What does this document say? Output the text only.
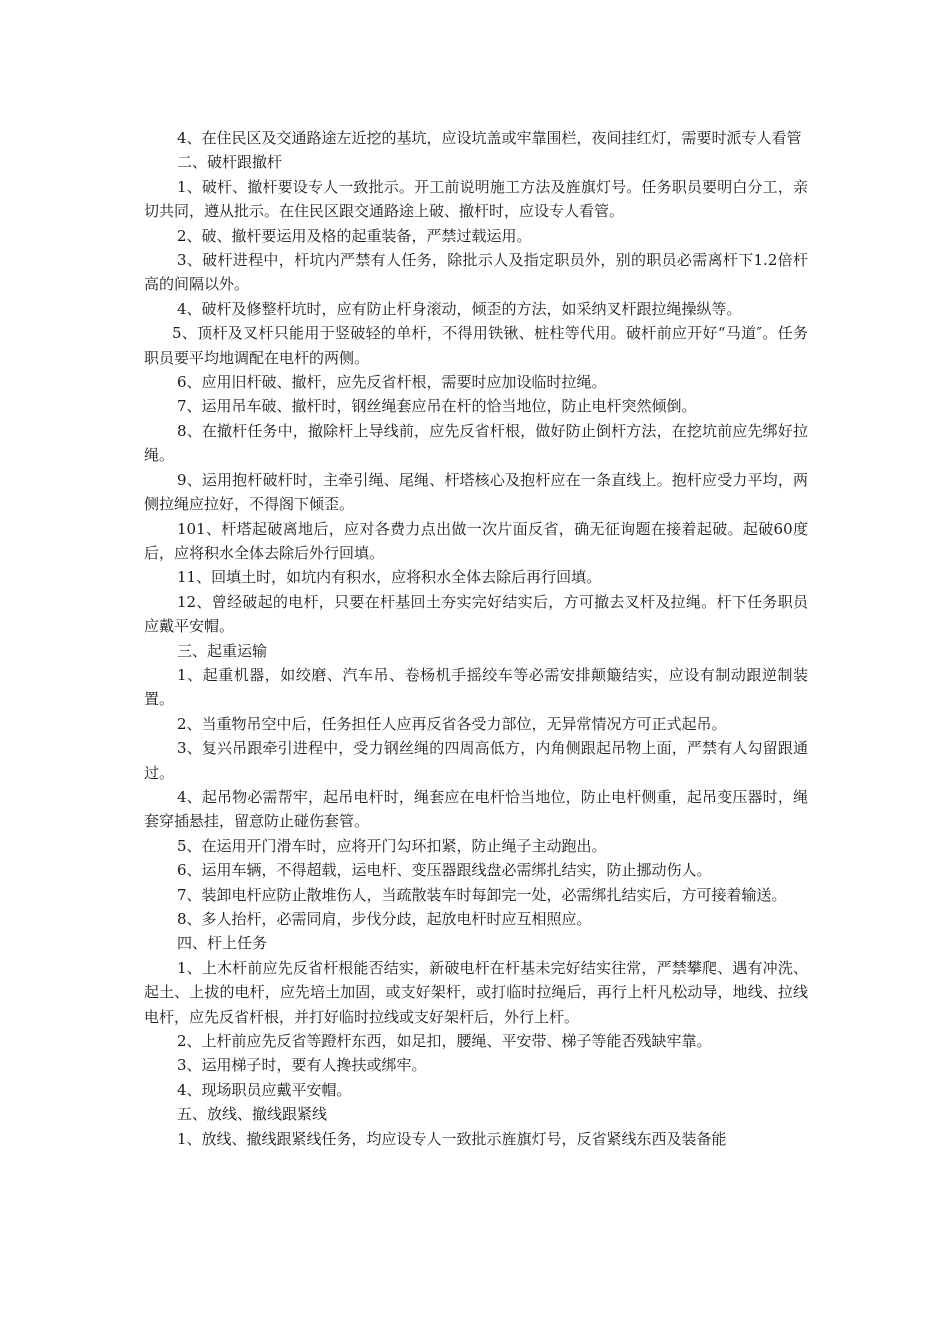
4、在住民区及交通路途左近挖的基坑，应设坑盖或牢靠围栏，夜间挂红灯，需要时派专人看管

二、破杆跟撤杆

1、破杆、撤杆要设专人一致批示。开工前说明施工方法及旌旗灯号。任务职员要明白分工，亲切共同，遵从批示。在住民区跟交通路途上破、撤杆时，应设专人看管。

2、破、撤杆要运用及格的起重装备，严禁过载运用。

3、破杆进程中，杆坑内严禁有人任务，除批示人及指定职员外，别的职员必需离杆下1.2倍杆高的间隔以外。

4、破杆及修整杆坑时，应有防止杆身滚动，倾歪的方法，如采纳叉杆跟拉绳操纵等。

5、顶杆及叉杆只能用于竖破轻的单杆，不得用铁锹、桩柱等代用。破杆前应开好“马道″。任务职员要平均地调配在电杆的两侧。

6、应用旧杆破、撤杆，应先反省杆根，需要时应加设临时拉绳。

7、运用吊车破、撤杆时，钢丝绳套应吊在杆的恰当地位，防止电杆突然倾倒。

8、在撤杆任务中，撤除杆上导线前，应先反省杆根，做好防止倒杆方法，在挖坑前应先绑好拉绳。

9、运用抱杆破杆时，主牵引绳、尾绳、杆塔核心及抱杆应在一条直线上。抱杆应受力平均，两侧拉绳应拉好，不得阁下倾歪。

101、杆塔起破离地后，应对各费力点出做一次片面反省，确无征询题在接着起破。起破60度后，应将积水全体去除后外行回填。

11、回填土时，如坑内有积水，应将积水全体去除后再行回填。

12、曾经破起的电杆，只要在杆基回土夯实完好结实后，方可撤去叉杆及拉绳。杆下任务职员应戴平安帽。

三、起重运输

1、起重机器，如绞磨、汽车吊、卷杨机手摇绞车等必需安排颠簸结实，应设有制动跟逆制装置。

2、当重物吊空中后，任务担任人应再反省各受力部位，无异常情况方可正式起吊。

3、复兴吊跟牵引进程中，受力钢丝绳的四周高低方，内角侧跟起吊物上面，严禁有人勾留跟通过。

4、起吊物必需帮牢，起吊电杆时，绳套应在电杆恰当地位，防止电杆侧重，起吊变压器时，绳套穿插悬挂，留意防止碰伤套管。

5、在运用开门滑车时，应将开门勾环扣紧，防止绳子主动跑出。

6、运用车辆，不得超载，运电杆、变压器跟线盘必需绑扎结实，防止挪动伤人。

7、装卸电杆应防止散堆伤人，当疏散装车时每卸完一处，必需绑扎结实后，方可接着输送。

8、多人抬杆，必需同肩，步伐分歧，起放电杆时应互相照应。

四、杆上任务

1、上木杆前应先反省杆根能否结实，新破电杆在杆基未完好结实往常，严禁攀爬、遇有冲洗、起土、上拔的电杆，应先培土加固，或支好架杆，或打临时拉绳后，再行上杆凡松动导，地线、拉线电杆，应先反省杆根，并打好临时拉线或支好架杆后，外行上杆。

2、上杆前应先反省等蹬杆东西，如足扣，腰绳、平安带、梯子等能否残缺牢靠。

3、运用梯子时，要有人搀扶或绑牢。

4、现场职员应戴平安帽。

五、放线、撤线跟紧线

1、放线、撤线跟紧线任务，均应设专人一致批示旌旗灯号，反省紧线东西及装备能
